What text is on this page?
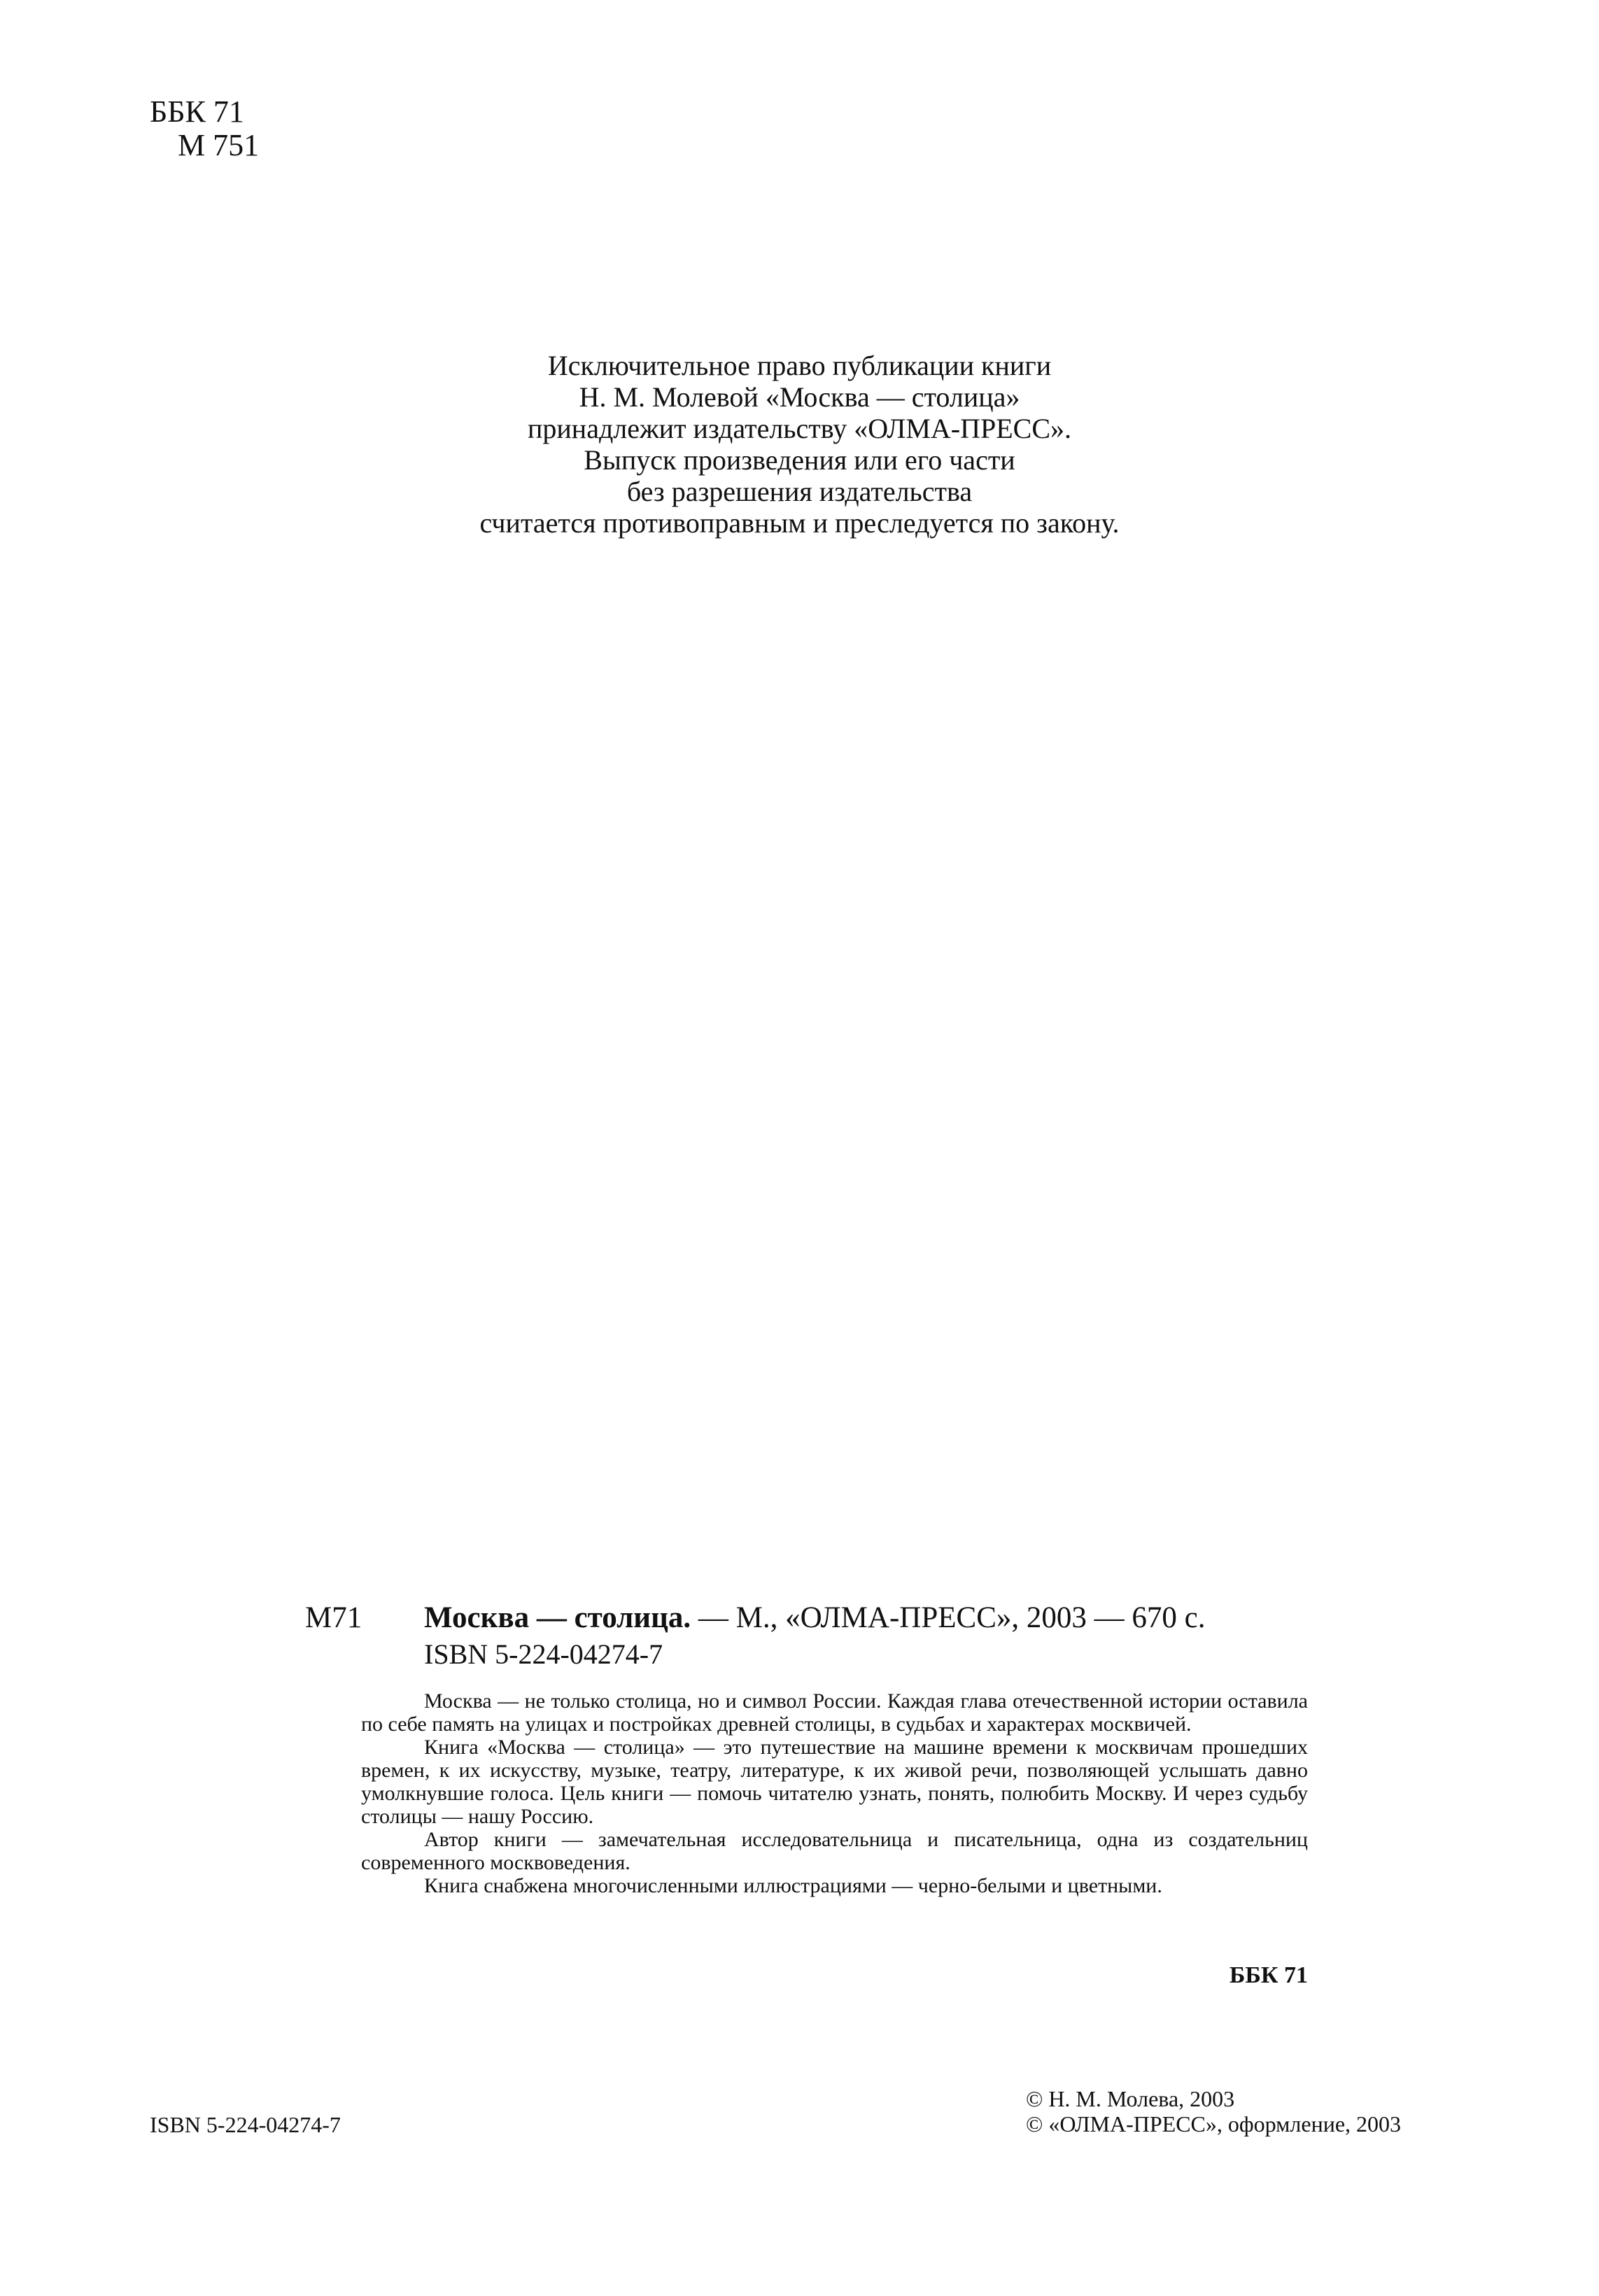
ББК 71
М 751
Исключительное право публикации книги
Н. М. Молевой «Москва — столица»
принадлежит издательству «ОЛМА-ПРЕСС».
Выпуск произведения или его части
без разрешения издательства
считается противоправным и преследуется по закону.
М71 Москва — столица. — М., «ОЛМА-ПРЕСС», 2003 — 670 с.
ISBN 5-224-04274-7

Москва — не только столица, но и символ России. Каждая глава отечественной истории оставила по себе память на улицах и постройках древней столицы, в судьбах и характерах москвичей.

Книга «Москва — столица» — это путешествие на машине времени к москвичам прошедших времен, к их искусству, музыке, театру, литературе, к их живой речи, позволяющей услышать давно умолкнувшие голоса. Цель книги — помочь читателю узнать, понять, полюбить Москву. И через судьбу столицы — нашу Россию.

Автор книги — замечательная исследовательница и писательница, одна из создательниц современного москвоведения.

Книга снабжена многочисленными иллюстрациями — черно-белыми и цветными.

ББК 71
ISBN 5-224-04274-7
© Н. М. Молева, 2003
© «ОЛМА-ПРЕСС», оформление, 2003
